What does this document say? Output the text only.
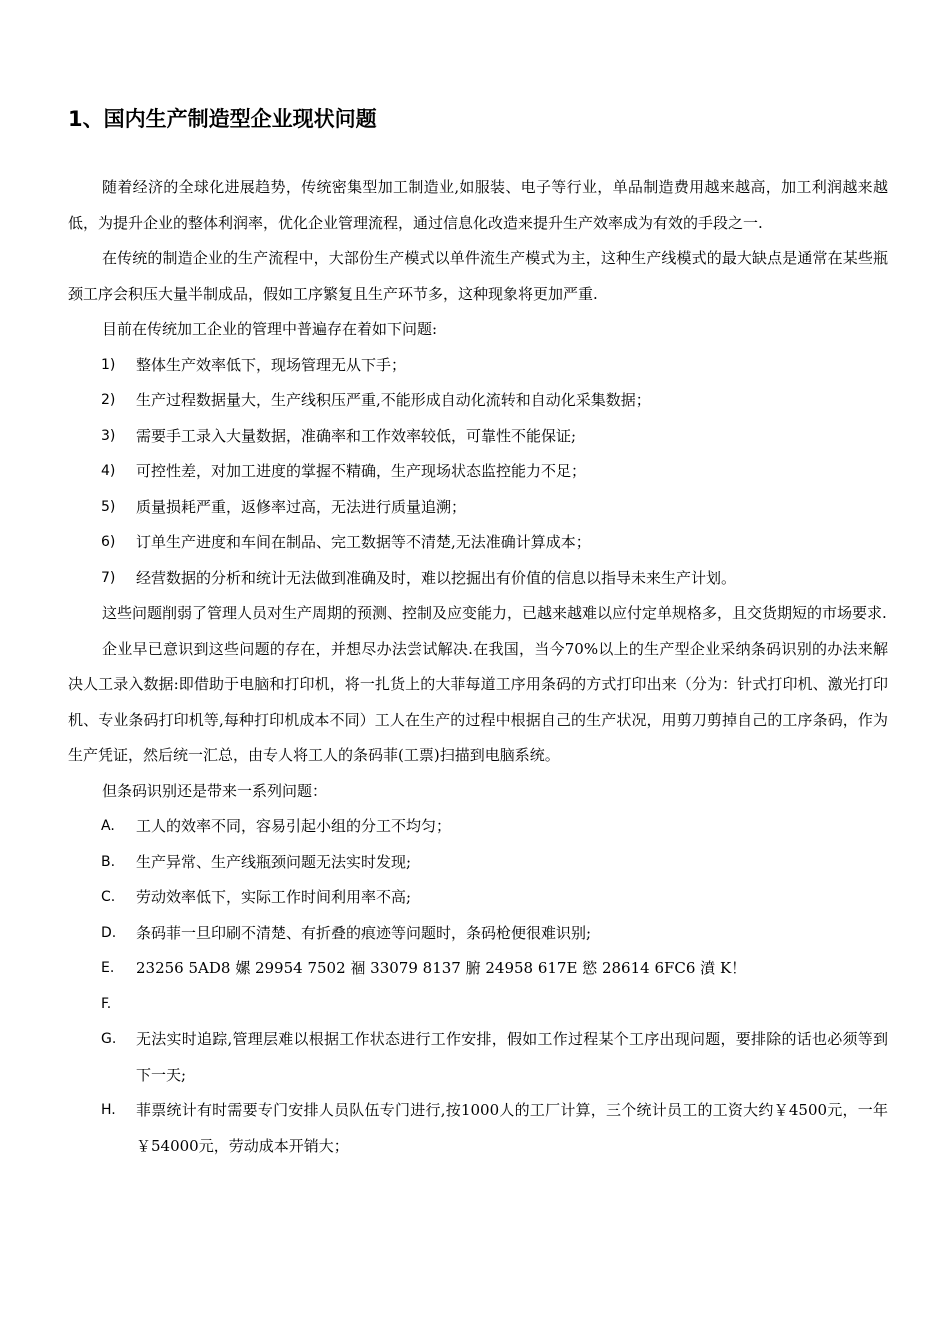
1、国内生产制造型企业现状问题

随着经济的全球化进展趋势，传统密集型加工制造业,如服装、电子等行业，单品制造费用越来越高，加工利润越来越低，为提升企业的整体利润率，优化企业管理流程，通过信息化改造来提升生产效率成为有效的手段之一.

在传统的制造企业的生产流程中，大部份生产模式以单件流生产模式为主，这种生产线模式的最大缺点是通常在某些瓶颈工序会积压大量半制成品，假如工序繁复且生产环节多，这种现象将更加严重.

目前在传统加工企业的管理中普遍存在着如下问题:

1) 整体生产效率低下，现场管理无从下手；
2) 生产过程数据量大，生产线积压严重,不能形成自动化流转和自动化采集数据；
3) 需要手工录入大量数据，准确率和工作效率较低，可靠性不能保证;
4) 可控性差，对加工进度的掌握不精确，生产现场状态监控能力不足；
5) 质量损耗严重，返修率过高，无法进行质量追溯；
6) 订单生产进度和车间在制品、完工数据等不清楚,无法准确计算成本；
7) 经营数据的分析和统计无法做到准确及时，难以挖掘出有价值的信息以指导未来生产计划。

这些问题削弱了管理人员对生产周期的预测、控制及应变能力，已越来越难以应付定单规格多，且交货期短的市场要求.

企业早已意识到这些问题的存在，并想尽办法尝试解决.在我国，当今70%以上的生产型企业采纳条码识别的办法来解决人工录入数据:即借助于电脑和打印机，将一扎货上的大菲每道工序用条码的方式打印出来（分为：针式打印机、激光打印机、专业条码打印机等,每种打印机成本不同）工人在生产的过程中根据自己的生产状况，用剪刀剪掉自己的工序条码，作为生产凭证，然后统一汇总，由专人将工人的条码菲(工票)扫描到电脑系统。

但条码识别还是带来一系列问题：

A. 工人的效率不同，容易引起小组的分工不均匀；
B. 生产异常、生产线瓶颈问题无法实时发现;
C. 劳动效率低下，实际工作时间利用率不高;
D. 条码菲一旦印刷不清楚、有折叠的痕迹等问题时，条码枪便很难识别;
E. 23256 5AD8 嫘 29954 7502 祻 33079 8137 腑 24958 617E 慾 28614 6FC6 濆 K！
F.
G. 无法实时追踪,管理层难以根据工作状态进行工作安排，假如工作过程某个工序出现问题，要排除的话也必须等到下一天;
H. 菲票统计有时需要专门安排人员队伍专门进行,按1000人的工厂计算，三个统计员工的工资大约￥4500元，一年￥54000元，劳动成本开销大；
